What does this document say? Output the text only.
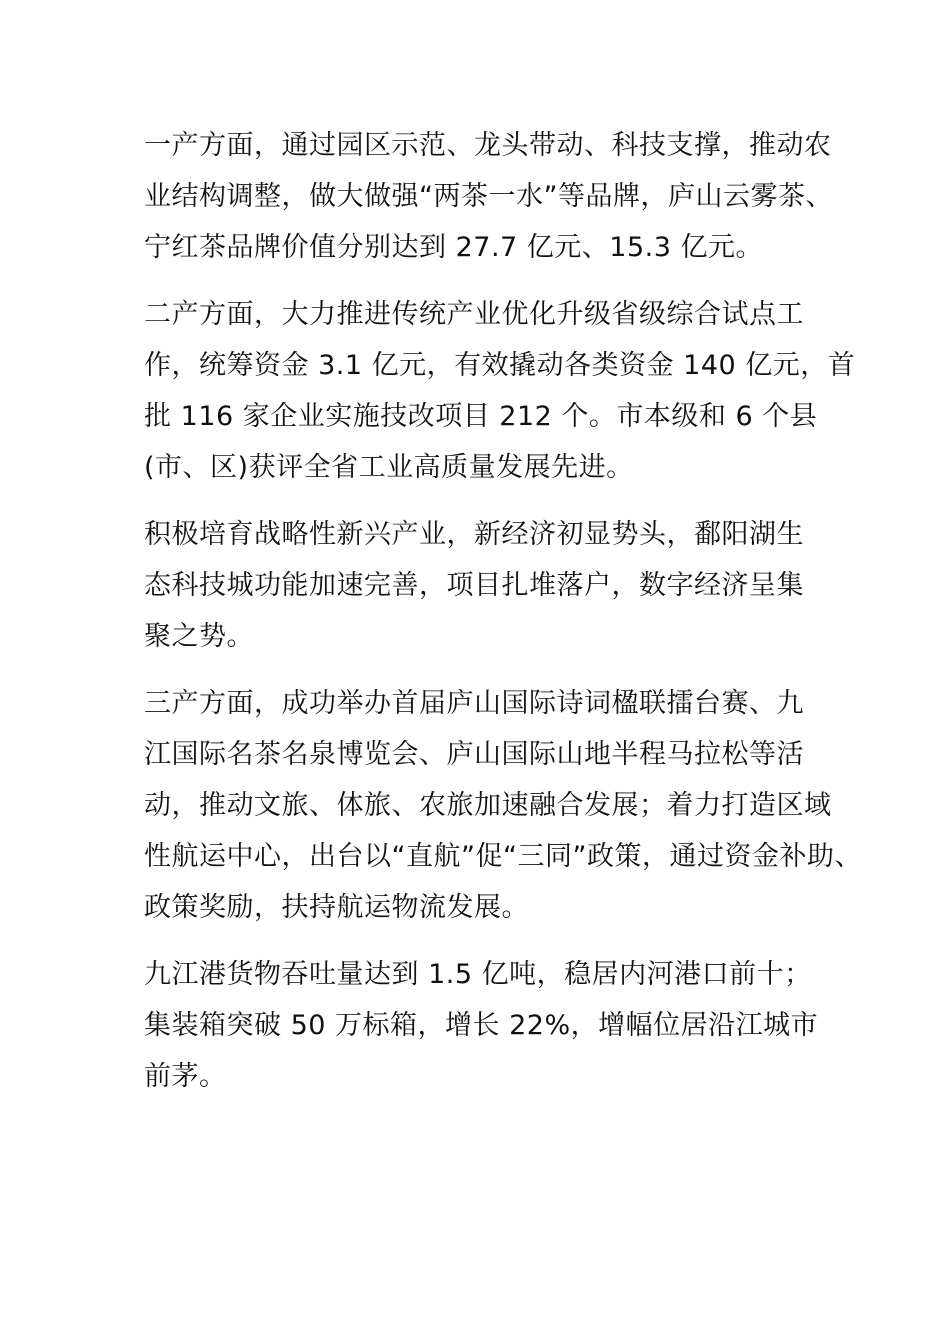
一产方面，通过园区示范、龙头带动、科技支撑，推动农
业结构调整，做大做强“两茶一水”等品牌，庐山云雾茶、
宁红茶品牌价值分别达到 27.7 亿元、15.3 亿元。

二产方面，大力推进传统产业优化升级省级综合试点工
作，统筹资金 3.1 亿元，有效撬动各类资金 140 亿元，首
批 116 家企业实施技改项目 212 个。市本级和 6 个县
(市、区)获评全省工业高质量发展先进。

积极培育战略性新兴产业，新经济初显势头，鄱阳湖生
态科技城功能加速完善，项目扎堆落户，数字经济呈集
聚之势。

三产方面，成功举办首届庐山国际诗词楹联擂台赛、九
江国际名茶名泉博览会、庐山国际山地半程马拉松等活
动，推动文旅、体旅、农旅加速融合发展；着力打造区域
性航运中心，出台以“直航”促“三同”政策，通过资金补助、
政策奖励，扶持航运物流发展。

九江港货物吞吐量达到 1.5 亿吨，稳居内河港口前十；
集装箱突破 50 万标箱，增长 22%，增幅位居沿江城市
前茅。
